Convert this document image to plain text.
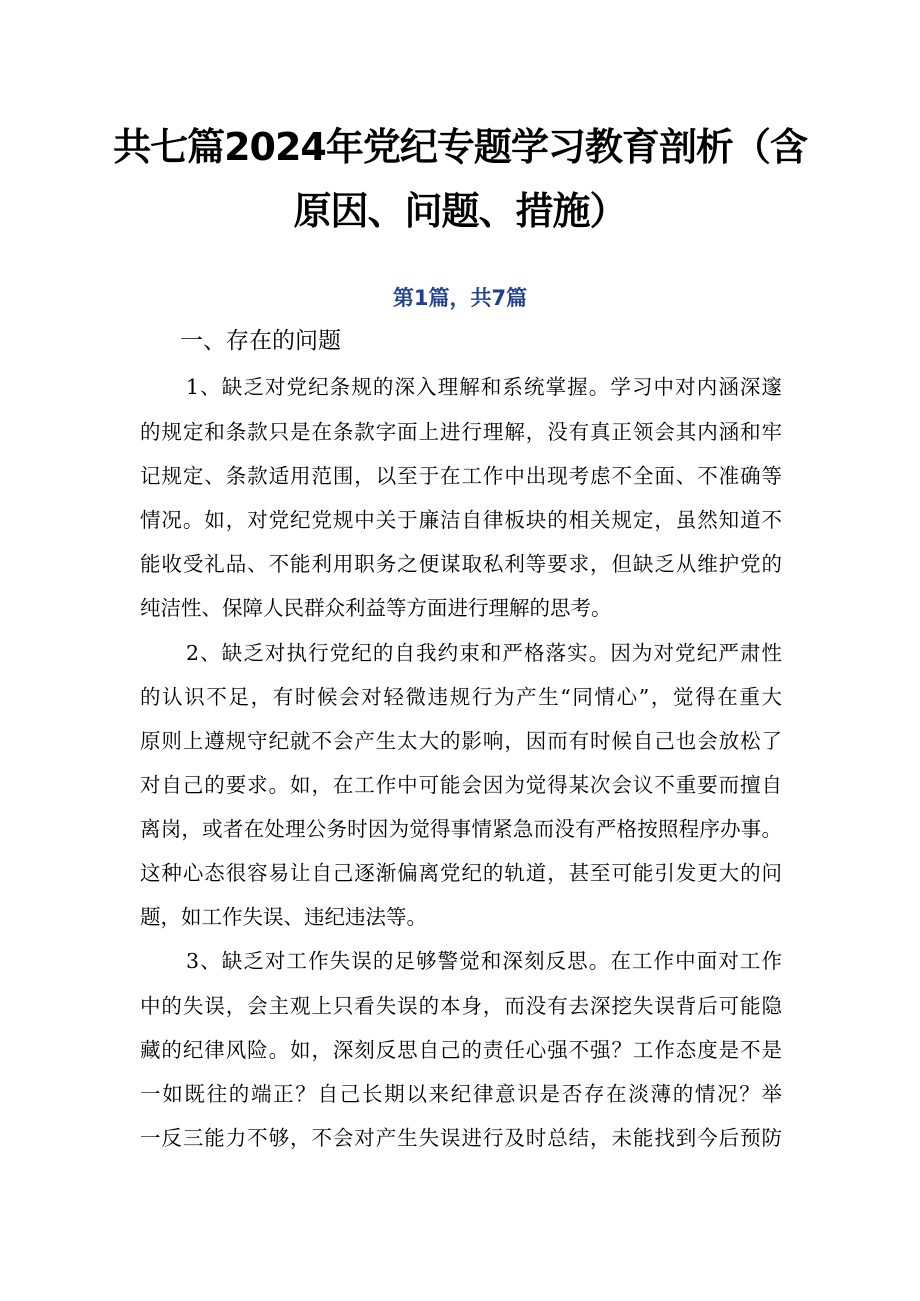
共七篇2024年党纪专题学习教育剖析（含
原因、问题、措施）
第1篇，共7篇
一、存在的问题
1、缺乏对党纪条规的深入理解和系统掌握。学习中对内涵深邃
的规定和条款只是在条款字面上进行理解，没有真正领会其内涵和牢
记规定、条款适用范围，以至于在工作中出现考虑不全面、不准确等
情况。如，对党纪党规中关于廉洁自律板块的相关规定，虽然知道不
能收受礼品、不能利用职务之便谋取私利等要求，但缺乏从维护党的
纯洁性、保障人民群众利益等方面进行理解的思考。
2、缺乏对执行党纪的自我约束和严格落实。因为对党纪严肃性
的认识不足，有时候会对轻微违规行为产生“同情心”，觉得在重大
原则上遵规守纪就不会产生太大的影响，因而有时候自己也会放松了
对自己的要求。如，在工作中可能会因为觉得某次会议不重要而擅自
离岗，或者在处理公务时因为觉得事情紧急而没有严格按照程序办事。
这种心态很容易让自己逐渐偏离党纪的轨道，甚至可能引发更大的问
题，如工作失误、违纪违法等。
3、缺乏对工作失误的足够警觉和深刻反思。在工作中面对工作
中的失误，会主观上只看失误的本身，而没有去深挖失误背后可能隐
藏的纪律风险。如，深刻反思自己的责任心强不强？工作态度是不是
一如既往的端正？自己长期以来纪律意识是否存在淡薄的情况？举
一反三能力不够，不会对产生失误进行及时总结，未能找到今后预防
